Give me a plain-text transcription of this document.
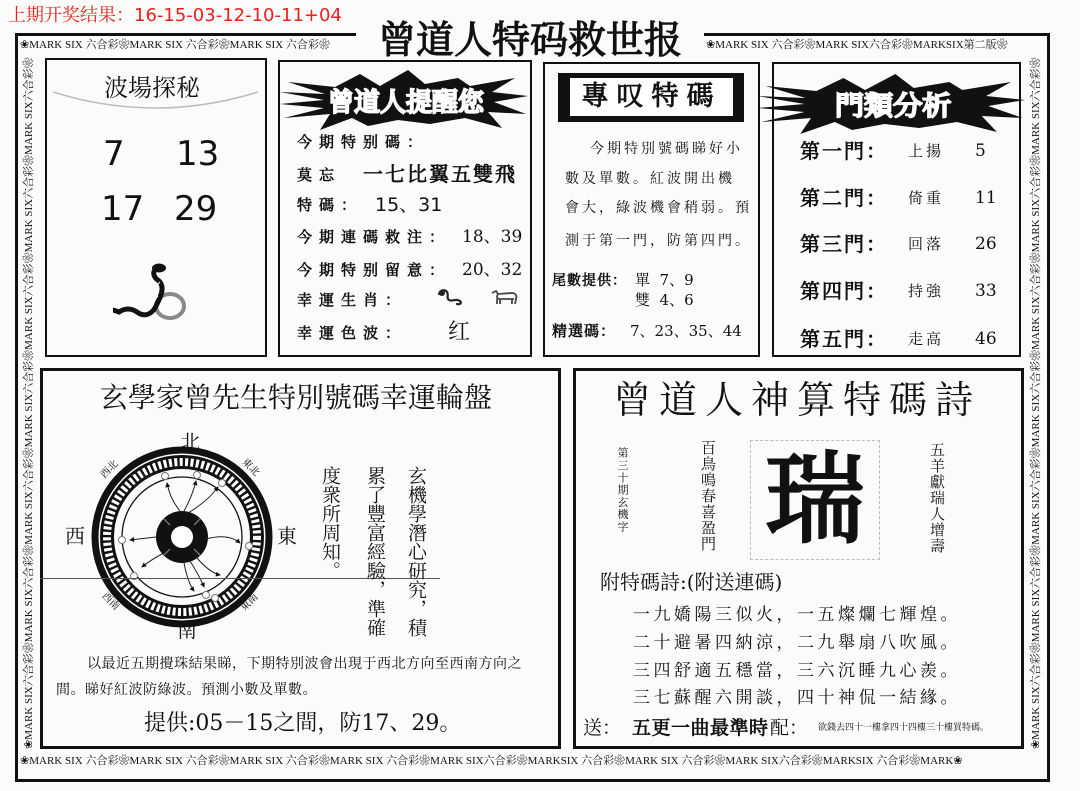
上期开奖结果：16-15-03-12-10-11+04
曾道人特码救世报
❀MARK SIX 六合彩❀MARK SIX 六合彩❀MARK SIX 六合彩❀	❀MARK SIX 六合彩❀MARK SIX六合彩❀MARKSIX第二版❀
❀MARK SIX六合彩❀MARK SIX六合彩❀MARK SIX六合彩❀MARK SIX六合彩❀MARK SIX六合彩❀MARK SIX六合彩❀MARK SIX六合彩❀	❀MARK SIX六合彩❀MARK SIX六合彩❀MARK SIX六合彩❀MARK SIX六合彩❀MARK SIX六合彩❀MARK SIX六合彩❀MARK SIX六合彩❀
❀MARK SIX 六合彩❀MARK SIX 六合彩❀MARK SIX 六合彩❀MARK SIX 六合彩❀MARK SIX六合彩❀MARKSIX 六合彩❀MARK SIX 六合彩❀MARK SIX六合彩❀MARKSIX 六合彩❀MARK❀
波場探秘
7 13
17 29
曾道人提醒您
今期特别碼：
莫忘 一七比翼五雙飛
特碼： 15、31
今期連碼救注： 18、39
今期特别留意： 20、32
幸運生肖：
幸運色波： 红
專叹特碼
今期特別號碼睇好小
數及單數。紅波開出機
會大，綠波機會稍弱。預
測于第一門，防第四門。
尾數提供： 單  7、9
雙  4、6
精選碼： 7、23、35、44
門類分析
第一門： 上揚 5
第二門： 倚重 11
第三門： 回落 26
第四門： 持強 33
第五門： 走高 46
玄學家曾先生特別號碼幸運輪盤
北
南
西	東
西北	東北
西南	東南	玄機學潛心研究，積
累了豐富經驗，準確
度衆所周知。
以最近五期攪珠結果睇，下期特別波會出現于西北方向至西南方向之
間。睇好紅波防綠波。預測小數及單數。
提供:05－15之間，防17、29。
曾道人神算特碼詩
第三十期玄機字	百鳥鳴春喜盈門 瑞	五羊獻瑞人增壽
附特碼詩:(附送連碼)
一九嬌陽三似火，一五燦爛七輝煌。
二十避暑四納涼，二九舉扇八吹風。
三四舒適五穩當，三六沉睡九心羨。
三七蘇醒六開談，四十神侃一結緣。
送： 五更一曲最準時 配： 欲錢去四十一樓拿四十四樓三十樓買特碼。
